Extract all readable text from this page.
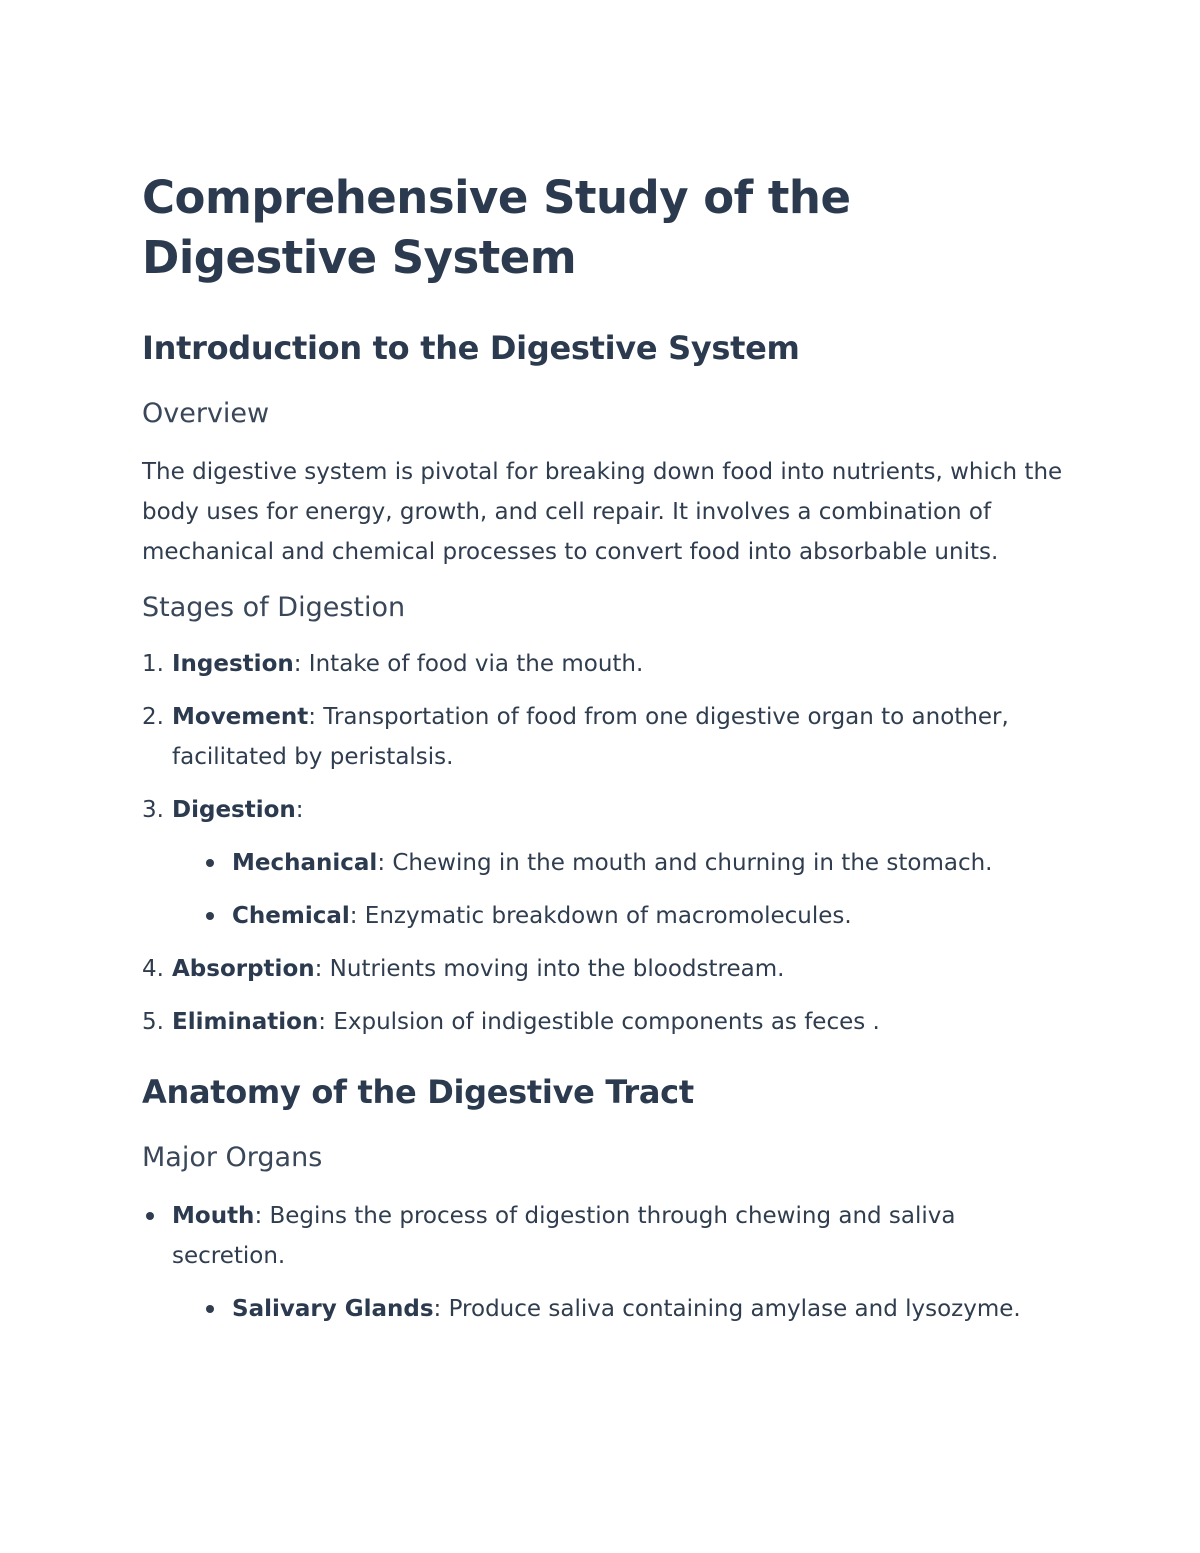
Comprehensive Study of the Digestive System
Introduction to the Digestive System
Overview

The digestive system is pivotal for breaking down food into nutrients, which the body uses for energy, growth, and cell repair. It involves a combination of mechanical and chemical processes to convert food into absorbable units.

Stages of Digestion
1. Ingestion: Intake of food via the mouth.
2. Movement: Transportation of food from one digestive organ to another, facilitated by peristalsis.
3. Digestion:
Mechanical: Chewing in the mouth and churning in the stomach.
Chemical: Enzymatic breakdown of macromolecules.
4. Absorption: Nutrients moving into the bloodstream.
5. Elimination: Expulsion of indigestible components as feces .
Anatomy of the Digestive Tract
Major Organs
Mouth: Begins the process of digestion through chewing and saliva secretion.
Salivary Glands: Produce saliva containing amylase and lysozyme.
